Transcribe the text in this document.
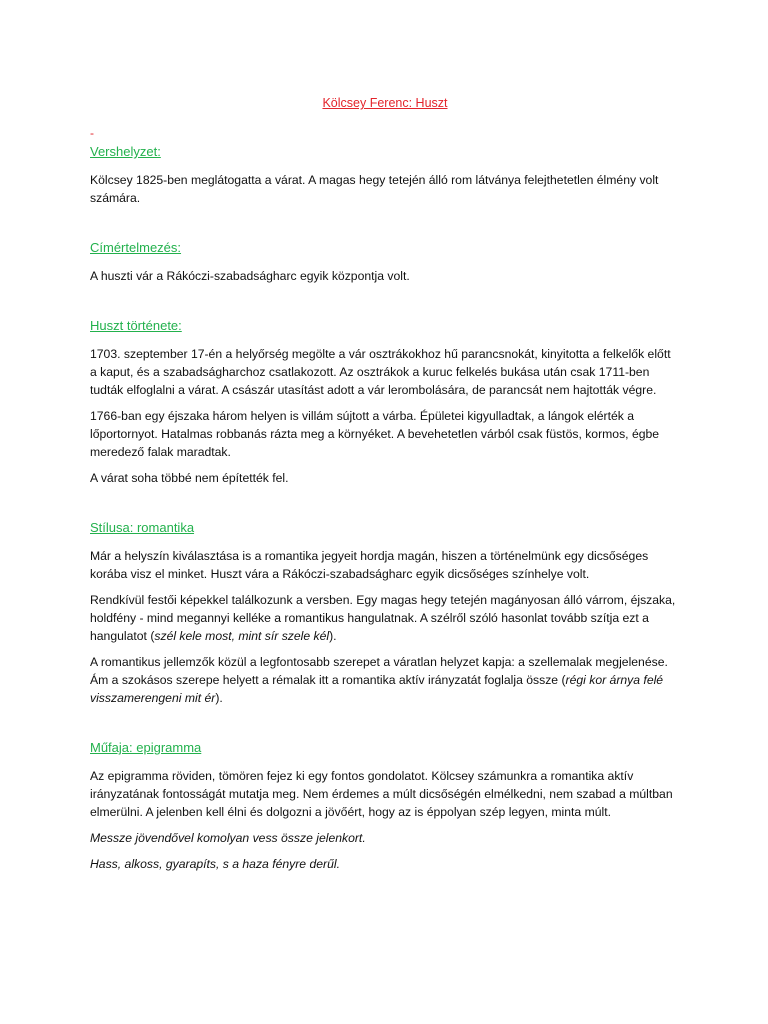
Kölcsey Ferenc: Huszt

-

Vershelyzet:

Kölcsey 1825-ben meglátogatta a várat. A magas hegy tetején álló rom látványa felejthetetlen élmény volt számára.

Címértelmezés:

A huszti vár a Rákóczi-szabadságharc egyik központja volt.

Huszt története:

1703. szeptember 17-én a helyőrség megölte a vár osztrákokhoz hű parancsnokát, kinyitotta a felkelők előtt a kaput, és a szabadságharchoz csatlakozott. Az osztrákok a kuruc felkelés bukása után csak 1711-ben tudták elfoglalni a várat. A császár utasítást adott a vár lerombolására, de parancsát nem hajtották végre.

1766-ban egy éjszaka három helyen is villám sújtott a várba. Épületei kigyulladtak, a lángok elérték a lőportornyot. Hatalmas robbanás rázta meg a környéket. A bevehetetlen várból csak füstös, kormos, égbe meredező falak maradtak.

A várat soha többé nem építették fel.

Stílusa: romantika

Már a helyszín kiválasztása is a romantika jegyeit hordja magán, hiszen a történelmünk egy dicsőséges korába visz el minket. Huszt vára a Rákóczi-szabadságharc egyik dicsőséges színhelye volt.

Rendkívül festői képekkel találkozunk a versben. Egy magas hegy tetején magányosan álló várrom, éjszaka, holdfény - mind megannyi kelléke a romantikus hangulatnak. A szélről szóló hasonlat tovább szítja ezt a hangulatot (szél kele most, mint sír szele kél).

A romantikus jellemzők közül a legfontosabb szerepet a váratlan helyzet kapja: a szellemalak megjelenése. Ám a szokásos szerepe helyett a rémalak itt a romantika aktív irányzatát foglalja össze (régi kor árnya felé visszamerengeni mit ér).

Műfaja: epigramma

Az epigramma röviden, tömören fejez ki egy fontos gondolatot. Kölcsey számunkra a romantika aktív irányzatának fontosságát mutatja meg. Nem érdemes a múlt dicsőségén elmélkedni, nem szabad a múltban elmerülni. A jelenben kell élni és dolgozni a jövőért, hogy az is éppolyan szép legyen, minta múlt.

Messze jövendővel komolyan vess össze jelenkort.

Hass, alkoss, gyarapíts, s a haza fényre derűl.
